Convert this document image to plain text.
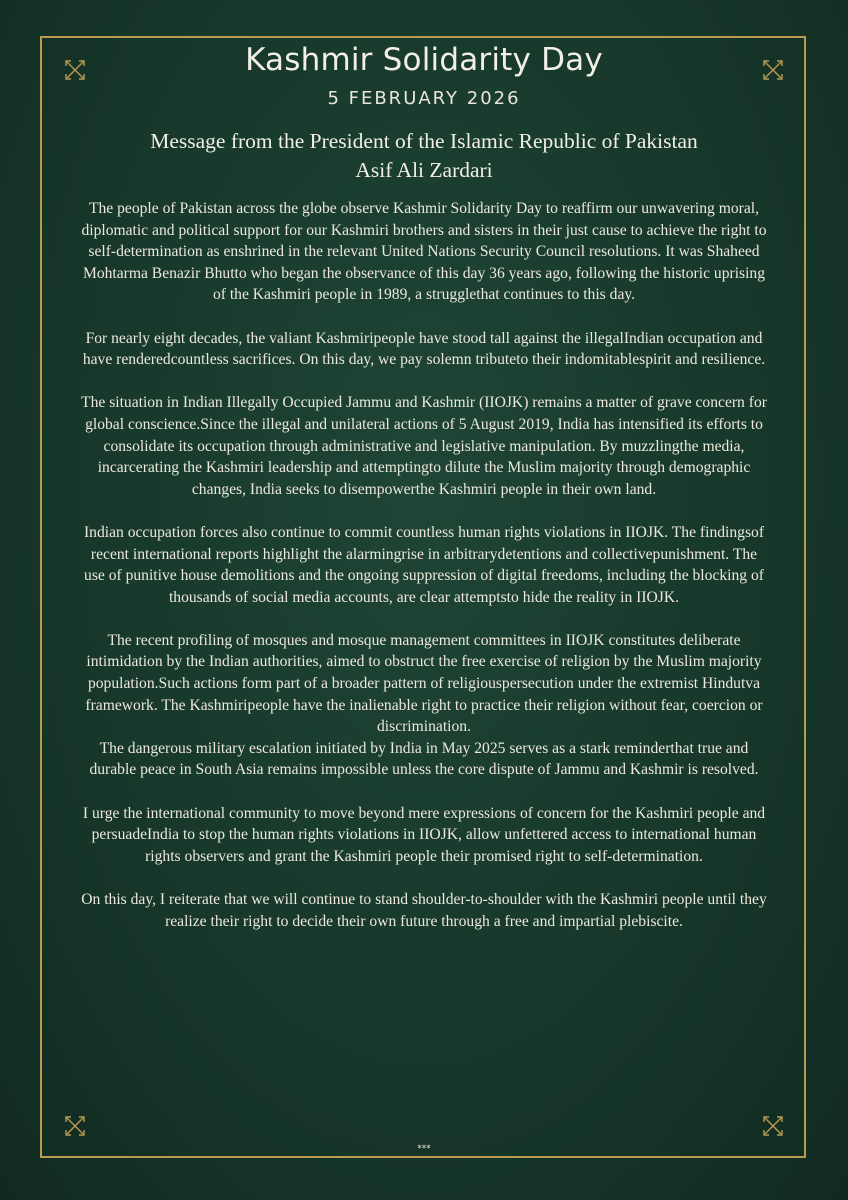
Kashmir Solidarity Day
5 FEBRUARY 2026
Message from the President of the Islamic Republic of Pakistan
Asif Ali Zardari

The people of Pakistan across the globe observe Kashmir Solidarity Day to reaffirm our unwavering moral, diplomatic and political support for our Kashmiri brothers and sisters in their just cause to achieve the right to self-determination as enshrined in the relevant United Nations Security Council resolutions. It was Shaheed Mohtarma Benazir Bhutto who began the observance of this day 36 years ago, following the historic uprising of the Kashmiri people in 1989, a strugglethat continues to this day.

For nearly eight decades, the valiant Kashmiripeople have stood tall against the illegalIndian occupation and have renderedcountless sacrifices. On this day, we pay solemn tributeto their indomitablespirit and resilience.

The situation in Indian Illegally Occupied Jammu and Kashmir (IIOJK) remains a matter of grave concern for global conscience.Since the illegal and unilateral actions of 5 August 2019, India has intensified its efforts to consolidate its occupation through administrative and legislative manipulation. By muzzlingthe media, incarcerating the Kashmiri leadership and attemptingto dilute the Muslim majority through demographic changes, India seeks to disempowerthe Kashmiri people in their own land.

Indian occupation forces also continue to commit countless human rights violations in IIOJK. The findingsof recent international reports highlight the alarmingrise in arbitrarydetentions and collectivepunishment. The use of punitive house demolitions and the ongoing suppression of digital freedoms, including the blocking of thousands of social media accounts, are clear attemptsto hide the reality in IIOJK.

The recent profiling of mosques and mosque management committees in IIOJK constitutes deliberate intimidation by the Indian authorities, aimed to obstruct the free exercise of religion by the Muslim majority population.Such actions form part of a broader pattern of religiouspersecution under the extremist Hindutva framework. The Kashmiripeople have the inalienable right to practice their religion without fear, coercion or discrimination.

The dangerous military escalation initiated by India in May 2025 serves as a stark reminderthat true and durable peace in South Asia remains impossible unless the core dispute of Jammu and Kashmir is resolved.

I urge the international community to move beyond mere expressions of concern for the Kashmiri people and persuadeIndia to stop the human rights violations in IIOJK, allow unfettered access to international human rights observers and grant the Kashmiri people their promised right to self-determination.

On this day, I reiterate that we will continue to stand shoulder-to-shoulder with the Kashmiri people until they realize their right to decide their own future through a free and impartial plebiscite.

***
